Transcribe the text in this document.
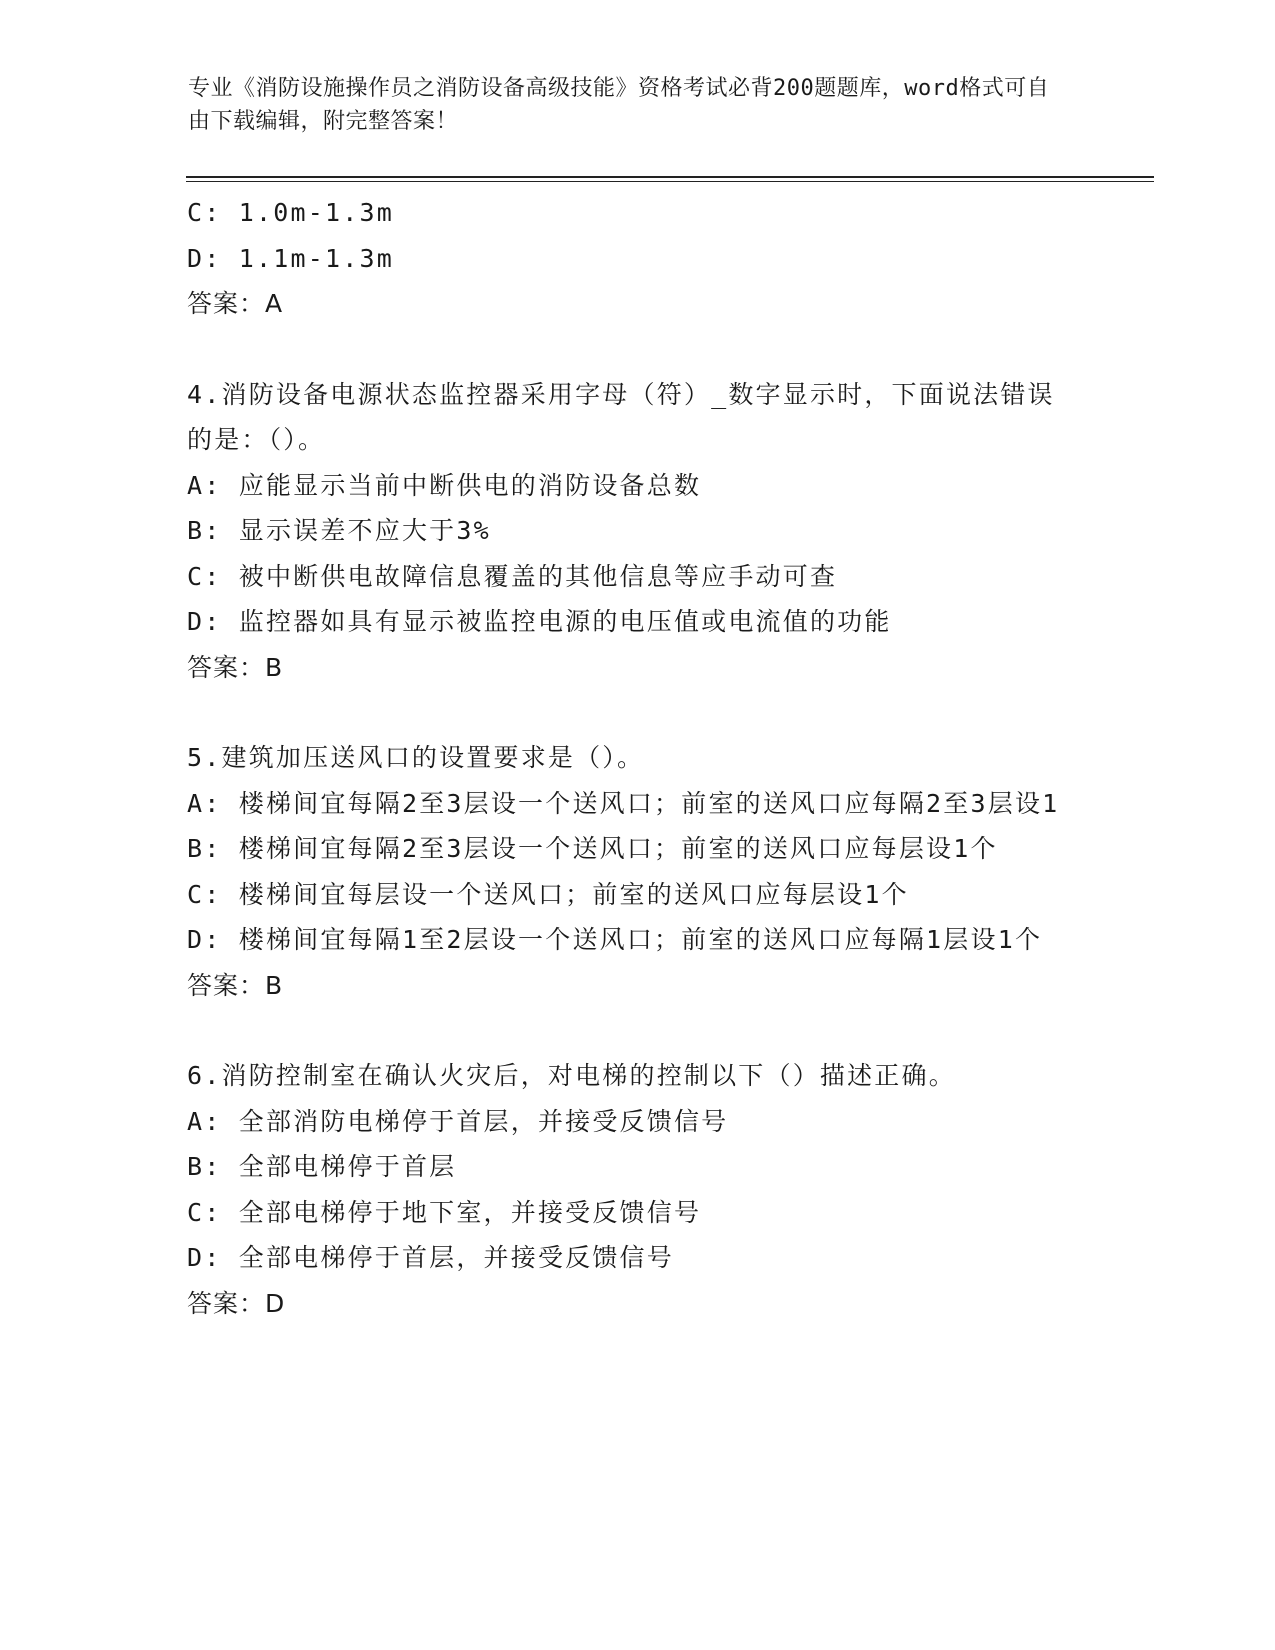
专业《消防设施操作员之消防设备高级技能》资格考试必背200题题库，word格式可自由下载编辑，附完整答案！
C: 1.0m-1.3m
D: 1.1m-1.3m
答案：A
4.消防设备电源状态监控器采用字母（符）_数字显示时，下面说法错误的是：（）。
A: 应能显示当前中断供电的消防设备总数
B: 显示误差不应大于3%
C: 被中断供电故障信息覆盖的其他信息等应手动可查
D: 监控器如具有显示被监控电源的电压值或电流值的功能
答案：B
5.建筑加压送风口的设置要求是（）。
A: 楼梯间宜每隔2至3层设一个送风口；前室的送风口应每隔2至3层设1
B: 楼梯间宜每隔2至3层设一个送风口；前室的送风口应每层设1个
C: 楼梯间宜每层设一个送风口；前室的送风口应每层设1个
D: 楼梯间宜每隔1至2层设一个送风口；前室的送风口应每隔1层设1个
答案：B
6.消防控制室在确认火灾后，对电梯的控制以下（）描述正确。
A: 全部消防电梯停于首层，并接受反馈信号
B: 全部电梯停于首层
C: 全部电梯停于地下室，并接受反馈信号
D: 全部电梯停于首层，并接受反馈信号
答案：D
